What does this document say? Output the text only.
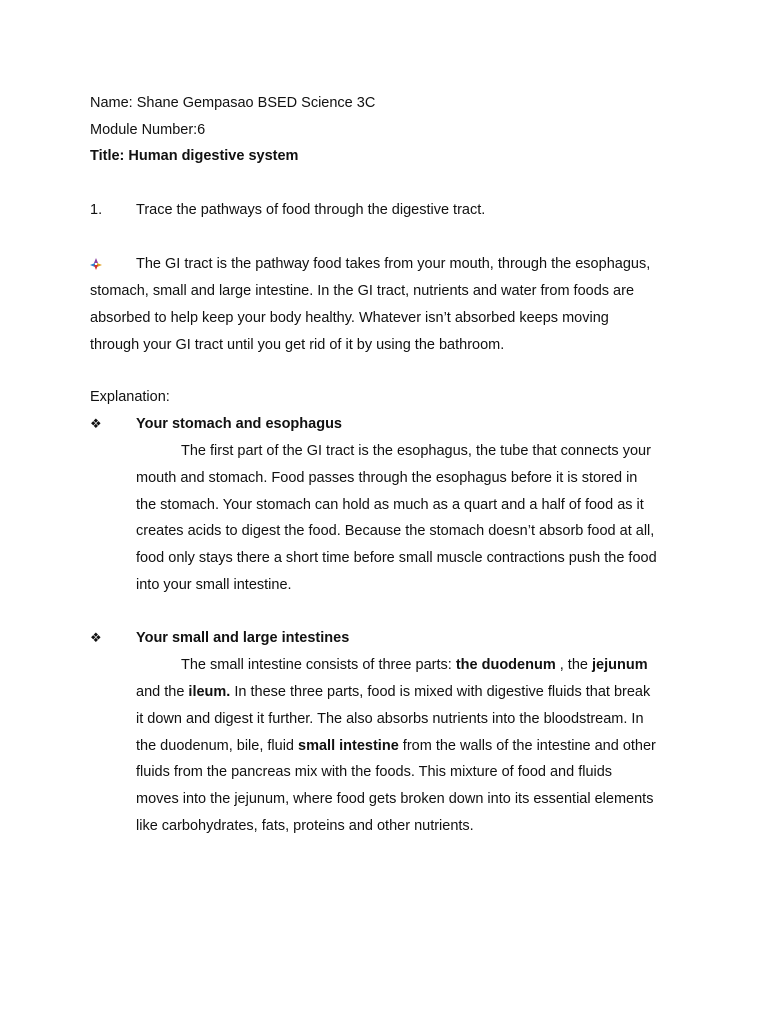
Name: Shane Gempasao BSED Science 3C
Module Number:6
Title: Human digestive system
1. Trace the pathways of food through the digestive tract.
The GI tract is the pathway food takes from your mouth, through the esophagus,
stomach, small and large intestine. In the GI tract, nutrients and water from foods are
absorbed to help keep your body healthy. Whatever isn’t absorbed keeps moving
through your GI tract until you get rid of it by using the bathroom.
Explanation:
❖ Your stomach and esophagus
The first part of the GI tract is the esophagus, the tube that connects your
mouth and stomach. Food passes through the esophagus before it is stored in
the stomach. Your stomach can hold as much as a quart and a half of food as it
creates acids to digest the food. Because the stomach doesn’t absorb food at all,
food only stays there a short time before small muscle contractions push the food
into your small intestine.
❖ Your small and large intestines
The small intestine consists of three parts: the duodenum , the jejunum
and the ileum. In these three parts, food is mixed with digestive fluids that break
it down and digest it further. The also absorbs nutrients into the bloodstream. In
the duodenum, bile, fluid small intestine from the walls of the intestine and other
fluids from the pancreas mix with the foods. This mixture of food and fluids
moves into the jejunum, where food gets broken down into its essential elements
like carbohydrates, fats, proteins and other nutrients.
